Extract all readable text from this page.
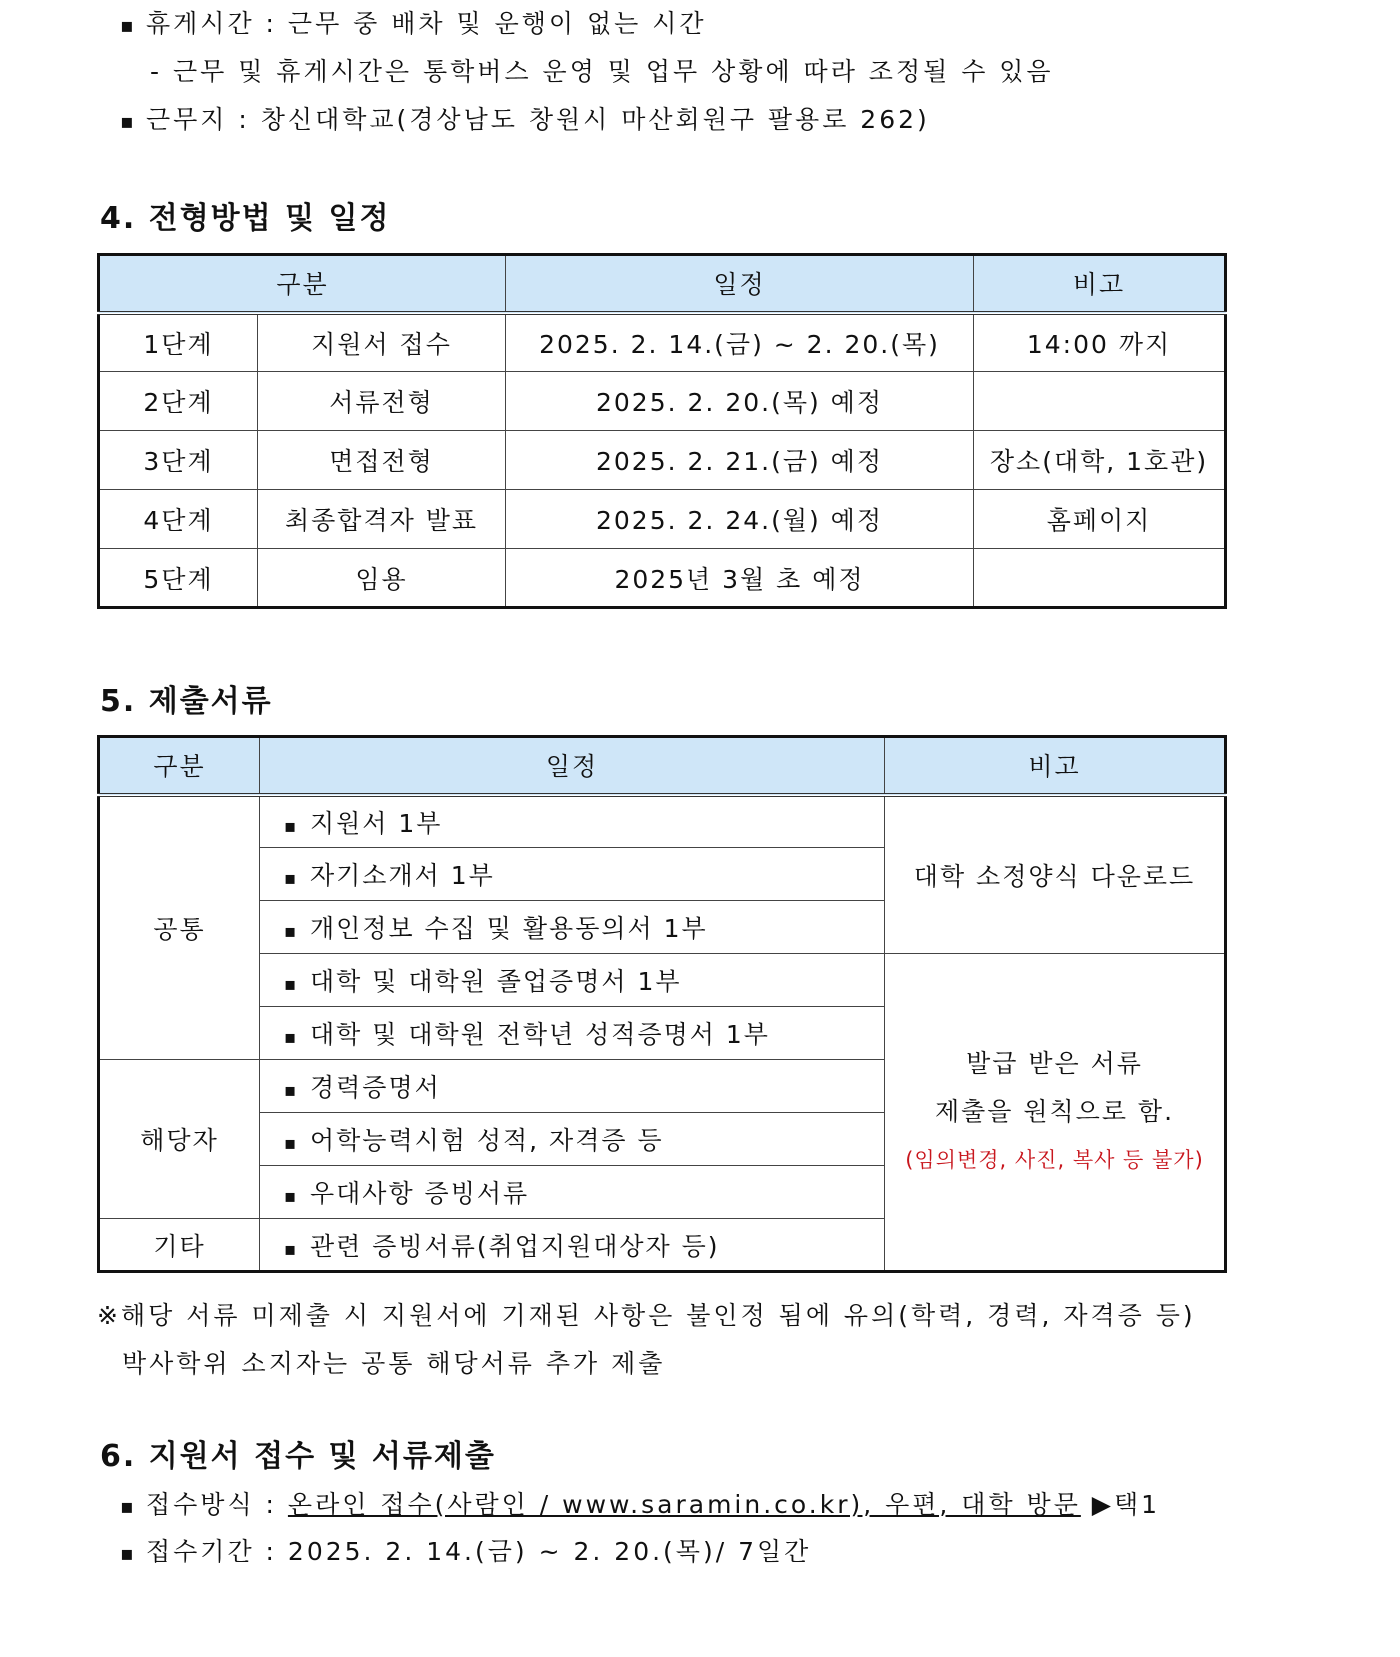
▪ 휴게시간 : 근무 중 배차 및 운행이 없는 시간
- 근무 및 휴게시간은 통학버스 운영 및 업무 상황에 따라 조정될 수 있음
▪ 근무지 : 창신대학교(경상남도 창원시 마산회원구 팔용로 262)
4. 전형방법 및 일정
구분		일정	비고
1단계	지원서 접수	2025. 2. 14.(금) ~ 2. 20.(목)	14:00 까지
2단계	서류전형	2025. 2. 20.(목) 예정	
3단계	면접전형	2025. 2. 21.(금) 예정	장소(대학, 1호관)
4단계	최종합격자 발표	2025. 2. 24.(월) 예정	홈페이지
5단계	임용	2025년 3월 초 예정	
5. 제출서류
구분	일정	비고
공통	▪ 지원서 1부	대학 소정양식 다운로드
	▪ 자기소개서 1부
	▪ 개인정보 수집 및 활용동의서 1부
	▪ 대학 및 대학원 졸업증명서 1부	발급 받은 서류
제출을 원칙으로 함.
(임의변경, 사진, 복사 등 불가)

	▪ 대학 및 대학원 전학년 성적증명서 1부
해당자	▪ 경력증명서
	▪ 어학능력시험 성적, 자격증 등
	▪ 우대사항 증빙서류
기타	▪ 관련 증빙서류(취업지원대상자 등)
※해당 서류 미제출 시 지원서에 기재된 사항은 불인정 됨에 유의(학력, 경력, 자격증 등)
박사학위 소지자는 공통 해당서류 추가 제출
6. 지원서 접수 및 서류제출
▪ 접수방식 : 온라인 접수(사람인 / www.saramin.co.kr), 우편, 대학 방문 ▶택1
▪ 접수기간 : 2025. 2. 14.(금) ~ 2. 20.(목)/ 7일간
